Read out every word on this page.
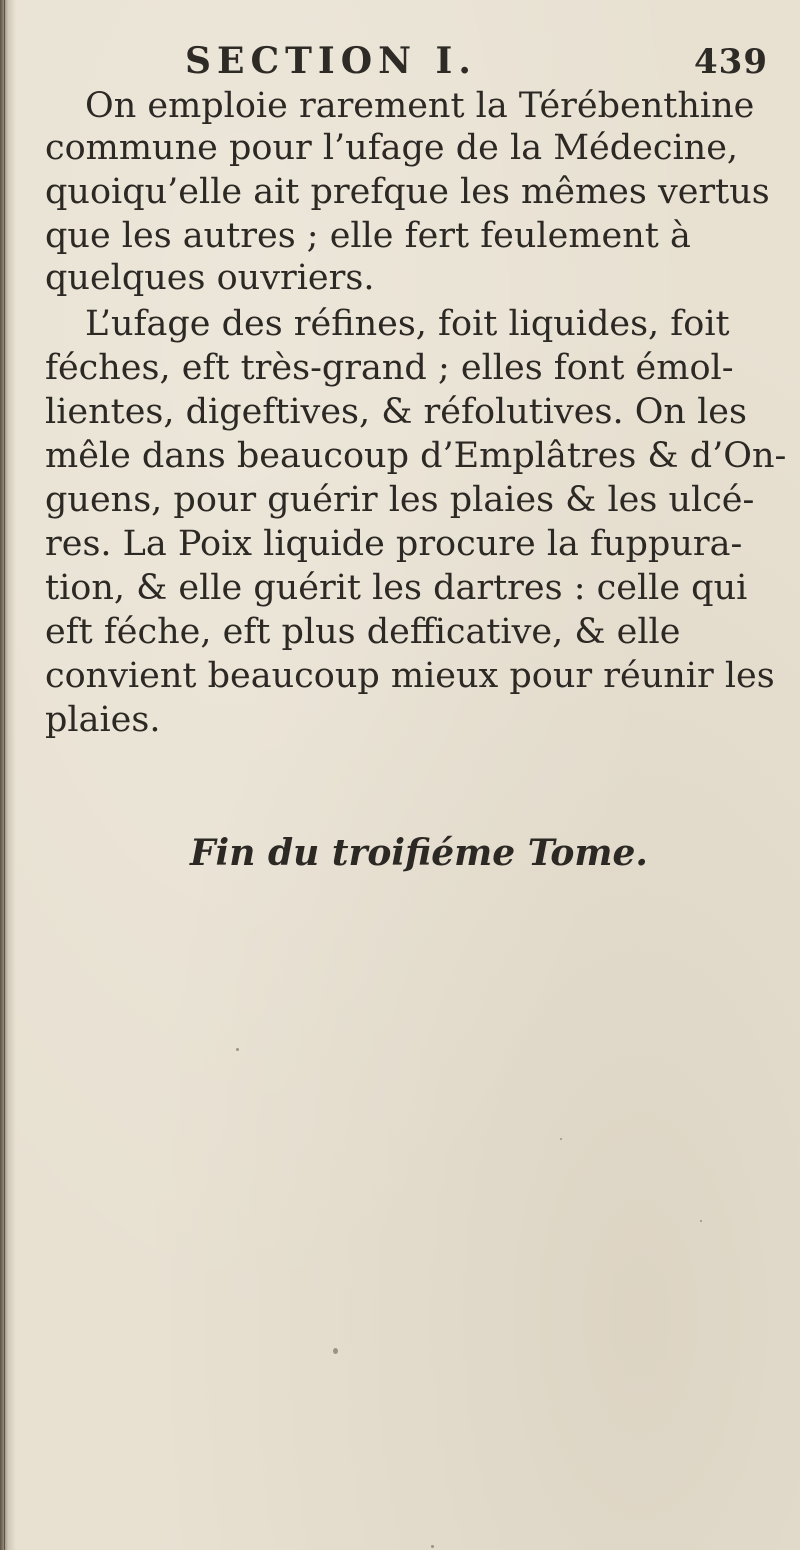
SECTION I.	439
On emploie rarement la Térébenthine
commune pour l’ufage de la Médecine,
quoiqu’elle ait prefque les mêmes vertus
que les autres ; elle fert feulement à
quelques ouvriers.
L’ufage des réfines, foit liquides, foit
féches, eft très-grand ; elles font émol-
lientes, digeftives, & réfolutives. On les
mêle dans beaucoup d’Emplâtres & d’On-
guens, pour guérir les plaies & les ulcé-
res. La Poix liquide procure la fuppura-
tion, & elle guérit les dartres : celle qui
eft féche, eft plus defficative, & elle
convient beaucoup mieux pour réunir les
plaies.
Fin du troifiéme Tome.
